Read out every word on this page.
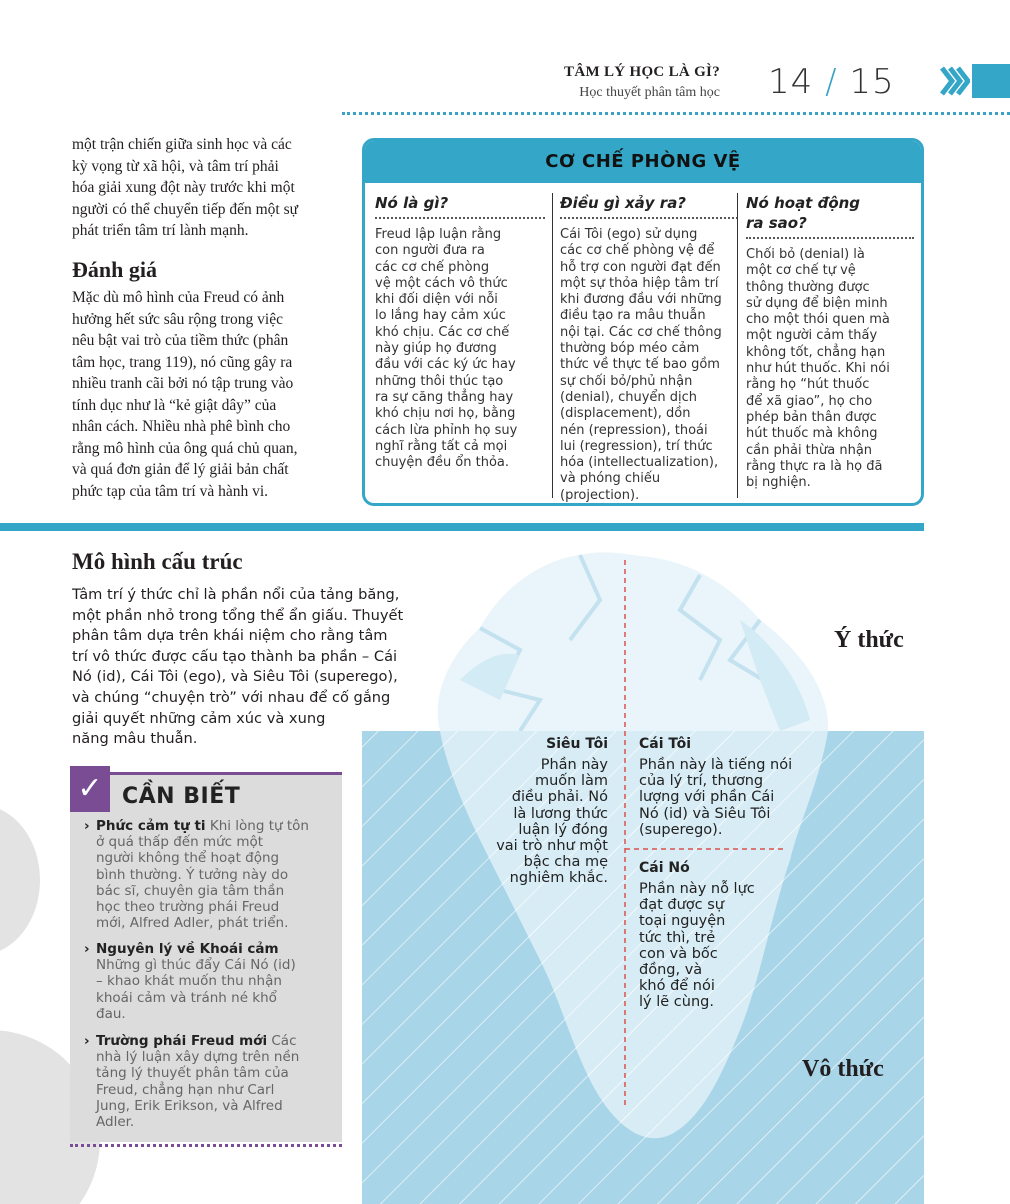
TÂM LÝ HỌC LÀ GÌ?
Học thuyết phân tâm học 14 / 15
một trận chiến giữa sinh học và các
kỳ vọng từ xã hội, và tâm trí phải
hóa giải xung đột này trước khi một
người có thể chuyển tiếp đến một sự
phát triển tâm trí lành mạnh.
Đánh giá
Mặc dù mô hình của Freud có ảnh
hưởng hết sức sâu rộng trong việc
nêu bật vai trò của tiềm thức (phân
tâm học, trang 119), nó cũng gây ra
nhiều tranh cãi bởi nó tập trung vào
tính dục như là “kẻ giật dây” của
nhân cách. Nhiều nhà phê bình cho
rằng mô hình của ông quá chủ quan,
và quá đơn giản để lý giải bản chất
phức tạp của tâm trí và hành vi.
CƠ CHẾ PHÒNG VỆ
Nó là gì?
Freud lập luận rằng
con người đưa ra
các cơ chế phòng
vệ một cách vô thức
khi đối diện với nỗi
lo lắng hay cảm xúc
khó chịu. Các cơ chế
này giúp họ đương
đầu với các ký ức hay
những thôi thúc tạo
ra sự căng thẳng hay
khó chịu nơi họ, bằng
cách lừa phỉnh họ suy
nghĩ rằng tất cả mọi
chuyện đều ổn thỏa.
Điều gì xảy ra?
Cái Tôi (ego) sử dụng
các cơ chế phòng vệ để
hỗ trợ con người đạt đến
một sự thỏa hiệp tâm trí
khi đương đầu với những
điều tạo ra mâu thuẫn
nội tại. Các cơ chế thông
thường bóp méo cảm
thức về thực tế bao gồm
sự chối bỏ/phủ nhận
(denial), chuyển dịch
(displacement), dồn
nén (repression), thoái
lui (regression), trí thức
hóa (intellectualization),
và phóng chiếu
(projection).
Nó hoạt động
ra sao?
Chối bỏ (denial) là
một cơ chế tự vệ
thông thường được
sử dụng để biện minh
cho một thói quen mà
một người cảm thấy
không tốt, chẳng hạn
như hút thuốc. Khi nói
rằng họ “hút thuốc
để xã giao”, họ cho
phép bản thân được
hút thuốc mà không
cần phải thừa nhận
rằng thực ra là họ đã
bị nghiện.
Ý thức
Vô thức
Siêu Tôi
Phần này
muốn làm
điều phải. Nó
là lương thức
luận lý đóng
vai trò như một
bậc cha mẹ
nghiêm khắc.
Cái Tôi
Phần này là tiếng nói
của lý trí, thương
lượng với phần Cái
Nó (id) và Siêu Tôi
(superego).
Cái Nó
Phần này nỗ lực
đạt được sự
toại nguyện
tức thì, trẻ
con và bốc
đồng, và
khó để nói
lý lẽ cùng.
Mô hình cấu trúc
Tâm trí ý thức chỉ là phần nổi của tảng băng,
một phần nhỏ trong tổng thể ẩn giấu. Thuyết
phân tâm dựa trên khái niệm cho rằng tâm
trí vô thức được cấu tạo thành ba phần – Cái
Nó (id), Cái Tôi (ego), và Siêu Tôi (superego),
và chúng “chuyện trò” với nhau để cố gắng
giải quyết những cảm xúc và xung
năng mâu thuẫn.
✓ CẦN BIẾT
› Phức cảm tự ti Khi lòng tự tôn
ở quá thấp đến mức một
người không thể hoạt động
bình thường. Ý tưởng này do
bác sĩ, chuyên gia tâm thần
học theo trường phái Freud
mới, Alfred Adler, phát triển.
› Nguyên lý về Khoái cảm
Những gì thúc đẩy Cái Nó (id)
– khao khát muốn thu nhận
khoái cảm và tránh né khổ
đau.
› Trường phái Freud mới Các
nhà lý luận xây dựng trên nền
tảng lý thuyết phân tâm của
Freud, chẳng hạn như Carl
Jung, Erik Erikson, và Alfred
Adler.
